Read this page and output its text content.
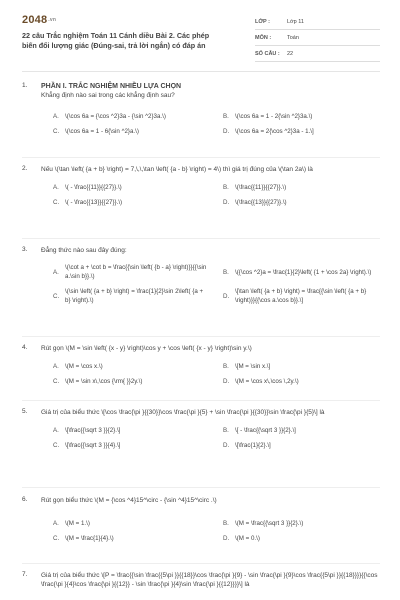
2048.vn
22 câu Trắc nghiệm Toán 11 Cánh diều Bài 2. Các phép biến đổi lượng giác (Đúng-sai, trả lời ngắn) có đáp án
LỚP :	Lớp 11
MÔN :	Toán
SỐ CÂU :	22
1. PHẦN I. TRẮC NGHIỆM NHIỀU LỰA CHỌN
Khẳng định nào sai trong các khẳng định sau?
A. \(\cos 6a = {\cos ^2}3a - {\sin ^2}3a.\)	B. \(\cos 6a = 1 - 2{\sin ^2}3a.\)
C. \(\cos 6a = 1 - 6{\sin ^2}a.\)	D. \(\cos 6a = 2{\cos ^2}3a - 1.\]
2. Nếu \(\tan \left( {a + b} \right) = 7,\,\,\tan \left( {a - b} \right) = 4\) thì giá trị đúng của \(\tan 2a\) là
A. \( - \frac{{11}}{{27}}.\)	B. \(\frac{{11}}{{27}}.\)
C. \( - \frac{{13}}{{27}}.\)	D. \(\frac{{13}}{{27}}.\)
3. Đẳng thức nào sau đây đúng:
A.
\(\cot a + \cot b = \frac{{\sin \left( {b - a} \right)}}{{\sin a.\sin b}}.\)
B. \({\cos ^2}a = \frac{1}{2}\left( {1 + \cos 2a} \right).\)
C.
\(\sin \left( {a + b} \right) = \frac{1}{2}\sin 2\left( {a + b} \right).\)
D.
\[\tan \left( {a + b} \right) = \frac{{\sin \left( {a + b} \right)}}{{\cos a.\cos b}}.\]
4. Rút gọn \(M = \sin \left( {x - y} \right)\cos y + \cos \left( {x - y} \right)\sin y.\)
A. \(M = \cos x.\)	B. \[M = \sin x.\]
C. \(M = \sin x\,\cos {\rm{ }}2y.\)	D. \(M = \cos x\,\cos \,2y.\)
5. Giá trị của biểu thức \[\cos \frac{\pi }{{30}}\cos \frac{\pi }{5} + \sin \frac{\pi }{{30}}\sin \frac{\pi }{5}\] là
A. \[\frac{{\sqrt 3 }}{2}.\]	B. \[ - \frac{{\sqrt 3 }}{2}.\]
C. \[\frac{{\sqrt 3 }}{4}.\]	D. \[\frac{1}{2}.\]
6. Rút gọn biểu thức \(M = {\cos ^4}15^\circ - {\sin ^4}15^\circ .\)
A. \(M = 1.\)	B. \(M = \frac{{\sqrt 3 }}{2}.\)
C. \(M = \frac{1}{4}.\)	D. \(M = 0.\)
7. Giá trị của biểu thức \[P = \frac{{\sin \frac{{5\pi }}{{18}}\cos \frac{\pi }{9} - \sin \frac{\pi }{9}\cos \frac{{5\pi }}{{18}}}}{{\cos \frac{\pi }{4}\cos \frac{\pi }{{12}} - \sin \frac{\pi }{4}\sin \frac{\pi }{{12}}}}\] là
